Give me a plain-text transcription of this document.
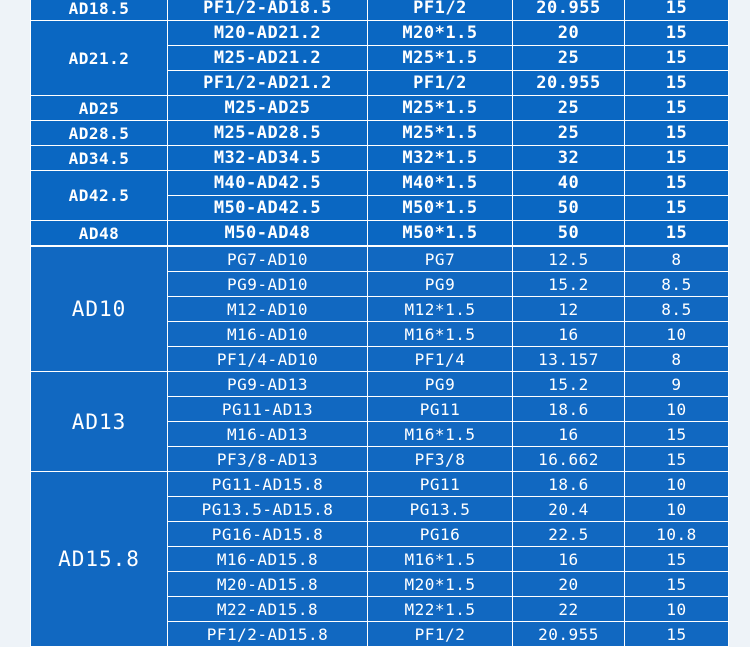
AD18.5	PF1/2-AD18.5	PF1/2	20.955	15
AD21.2	M20-AD21.2	M20*1.5	20	15
	M25-AD21.2	M25*1.5	25	15
	PF1/2-AD21.2	PF1/2	20.955	15
AD25	M25-AD25	M25*1.5	25	15
AD28.5	M25-AD28.5	M25*1.5	25	15
AD34.5	M32-AD34.5	M32*1.5	32	15
AD42.5	M40-AD42.5	M40*1.5	40	15
	M50-AD42.5	M50*1.5	50	15
AD48	M50-AD48	M50*1.5	50	15
AD10	PG7-AD10	PG7	12.5	8
	PG9-AD10	PG9	15.2	8.5
	M12-AD10	M12*1.5	12	8.5
	M16-AD10	M16*1.5	16	10
	PF1/4-AD10	PF1/4	13.157	8
AD13	PG9-AD13	PG9	15.2	9
	PG11-AD13	PG11	18.6	10
	M16-AD13	M16*1.5	16	15
	PF3/8-AD13	PF3/8	16.662	15
AD15.8	PG11-AD15.8	PG11	18.6	10
	PG13.5-AD15.8	PG13.5	20.4	10
	PG16-AD15.8	PG16	22.5	10.8
	M16-AD15.8	M16*1.5	16	15
	M20-AD15.8	M20*1.5	20	15
	M22-AD15.8	M22*1.5	22	10
	PF1/2-AD15.8	PF1/2	20.955	15
